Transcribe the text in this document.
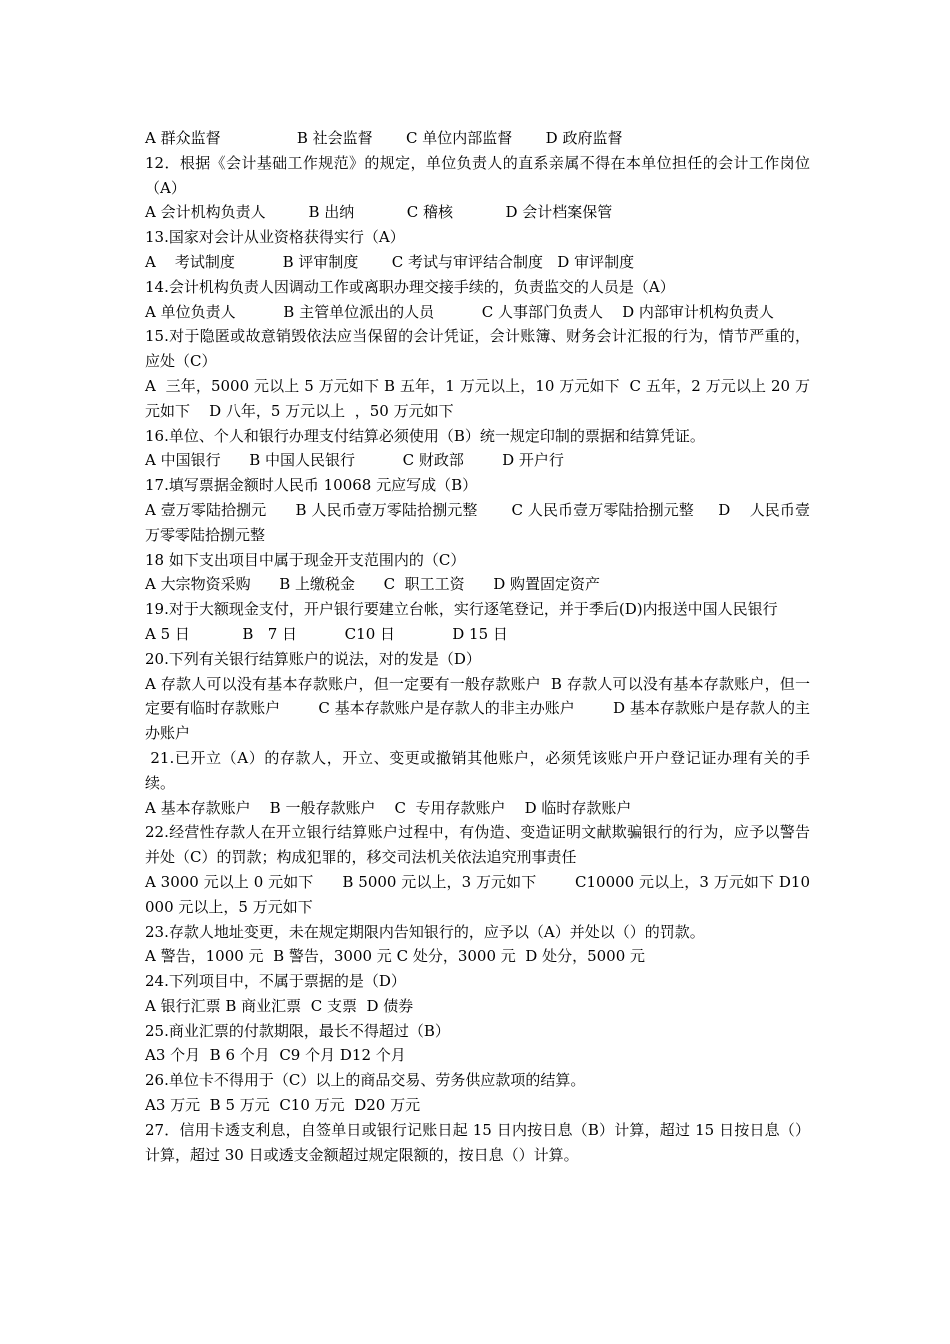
A 群众监督                B 社会监督       C 单位内部监督       D 政府监督
12．根据《会计基础工作规范》的规定，单位负责人的直系亲属不得在本单位担任的会计工作岗位（A）
A 会计机构负责人         B 出纳           C 稽核           D 会计档案保管
13.国家对会计从业资格获得实行（A）
A    考试制度          B 评审制度       C 考试与审评结合制度   D 审评制度
14.会计机构负责人因调动工作或离职办理交接手续的，负责监交的人员是（A）
A 单位负责人          B 主管单位派出的人员          C 人事部门负责人    D 内部审计机构负责人
15.对于隐匿或故意销毁依法应当保留的会计凭证，会计账簿、财务会计汇报的行为，情节严重的，应处（C）
A  三年，5000 元以上 5 万元如下 B 五年，1 万元以上，10 万元如下  C 五年，2 万元以上 20 万元如下    D 八年，5 万元以上  ，50 万元如下
16.单位、个人和银行办理支付结算必须使用（B）统一规定印制的票据和结算凭证。
A 中国银行      B 中国人民银行          C 财政部        D 开户行
17.填写票据金额时人民币 10068 元应写成（B）
A 壹万零陆拾捌元      B 人民币壹万零陆拾捌元整       C 人民币壹万零陆拾捌元整     D    人民币壹万零零陆拾捌元整
18 如下支出项目中属于现金开支范围内的（C）
A 大宗物资采购      B 上缴税金      C  职工工资      D 购置固定资产
19.对于大额现金支付，开户银行要建立台帐，实行逐笔登记，并于季后(D)内报送中国人民银行
A 5 日           B   7 日          C10 日            D 15 日
20.下列有关银行结算账户的说法，对的发是（D）
A 存款人可以没有基本存款账户，但一定要有一般存款账户  B 存款人可以没有基本存款账户，但一定要有临时存款账户        C 基本存款账户是存款人的非主办账户        D 基本存款账户是存款人的主办账户
21.已开立（A）的存款人，开立、变更或撤销其他账户，必须凭该账户开户登记证办理有关的手续。
A 基本存款账户    B 一般存款账户    C  专用存款账户    D 临时存款账户
22.经营性存款人在开立银行结算账户过程中，有伪造、变造证明文献欺骗银行的行为，应予以警告并处（C）的罚款；构成犯罪的，移交司法机关依法追究刑事责任
A 3000 元以上 0 元如下      B 5000 元以上，3 万元如下        C10000 元以上，3 万元如下 D10000 元以上，5 万元如下
23.存款人地址变更，未在规定期限内告知银行的，应予以（A）并处以（）的罚款。
A 警告，1000 元  B 警告，3000 元 C 处分，3000 元  D 处分，5000 元
24.下列项目中，不属于票据的是（D）
A 银行汇票 B 商业汇票  C 支票  D 债券
25.商业汇票的付款期限，最长不得超过（B）
A3 个月  B 6 个月  C9 个月 D12 个月
26.单位卡不得用于（C）以上的商品交易、劳务供应款项的结算。
A3 万元  B 5 万元  C10 万元  D20 万元
27．信用卡透支利息，自签单日或银行记账日起 15 日内按日息（B）计算，超过 15 日按日息（）计算，超过 30 日或透支金额超过规定限额的，按日息（）计算。
